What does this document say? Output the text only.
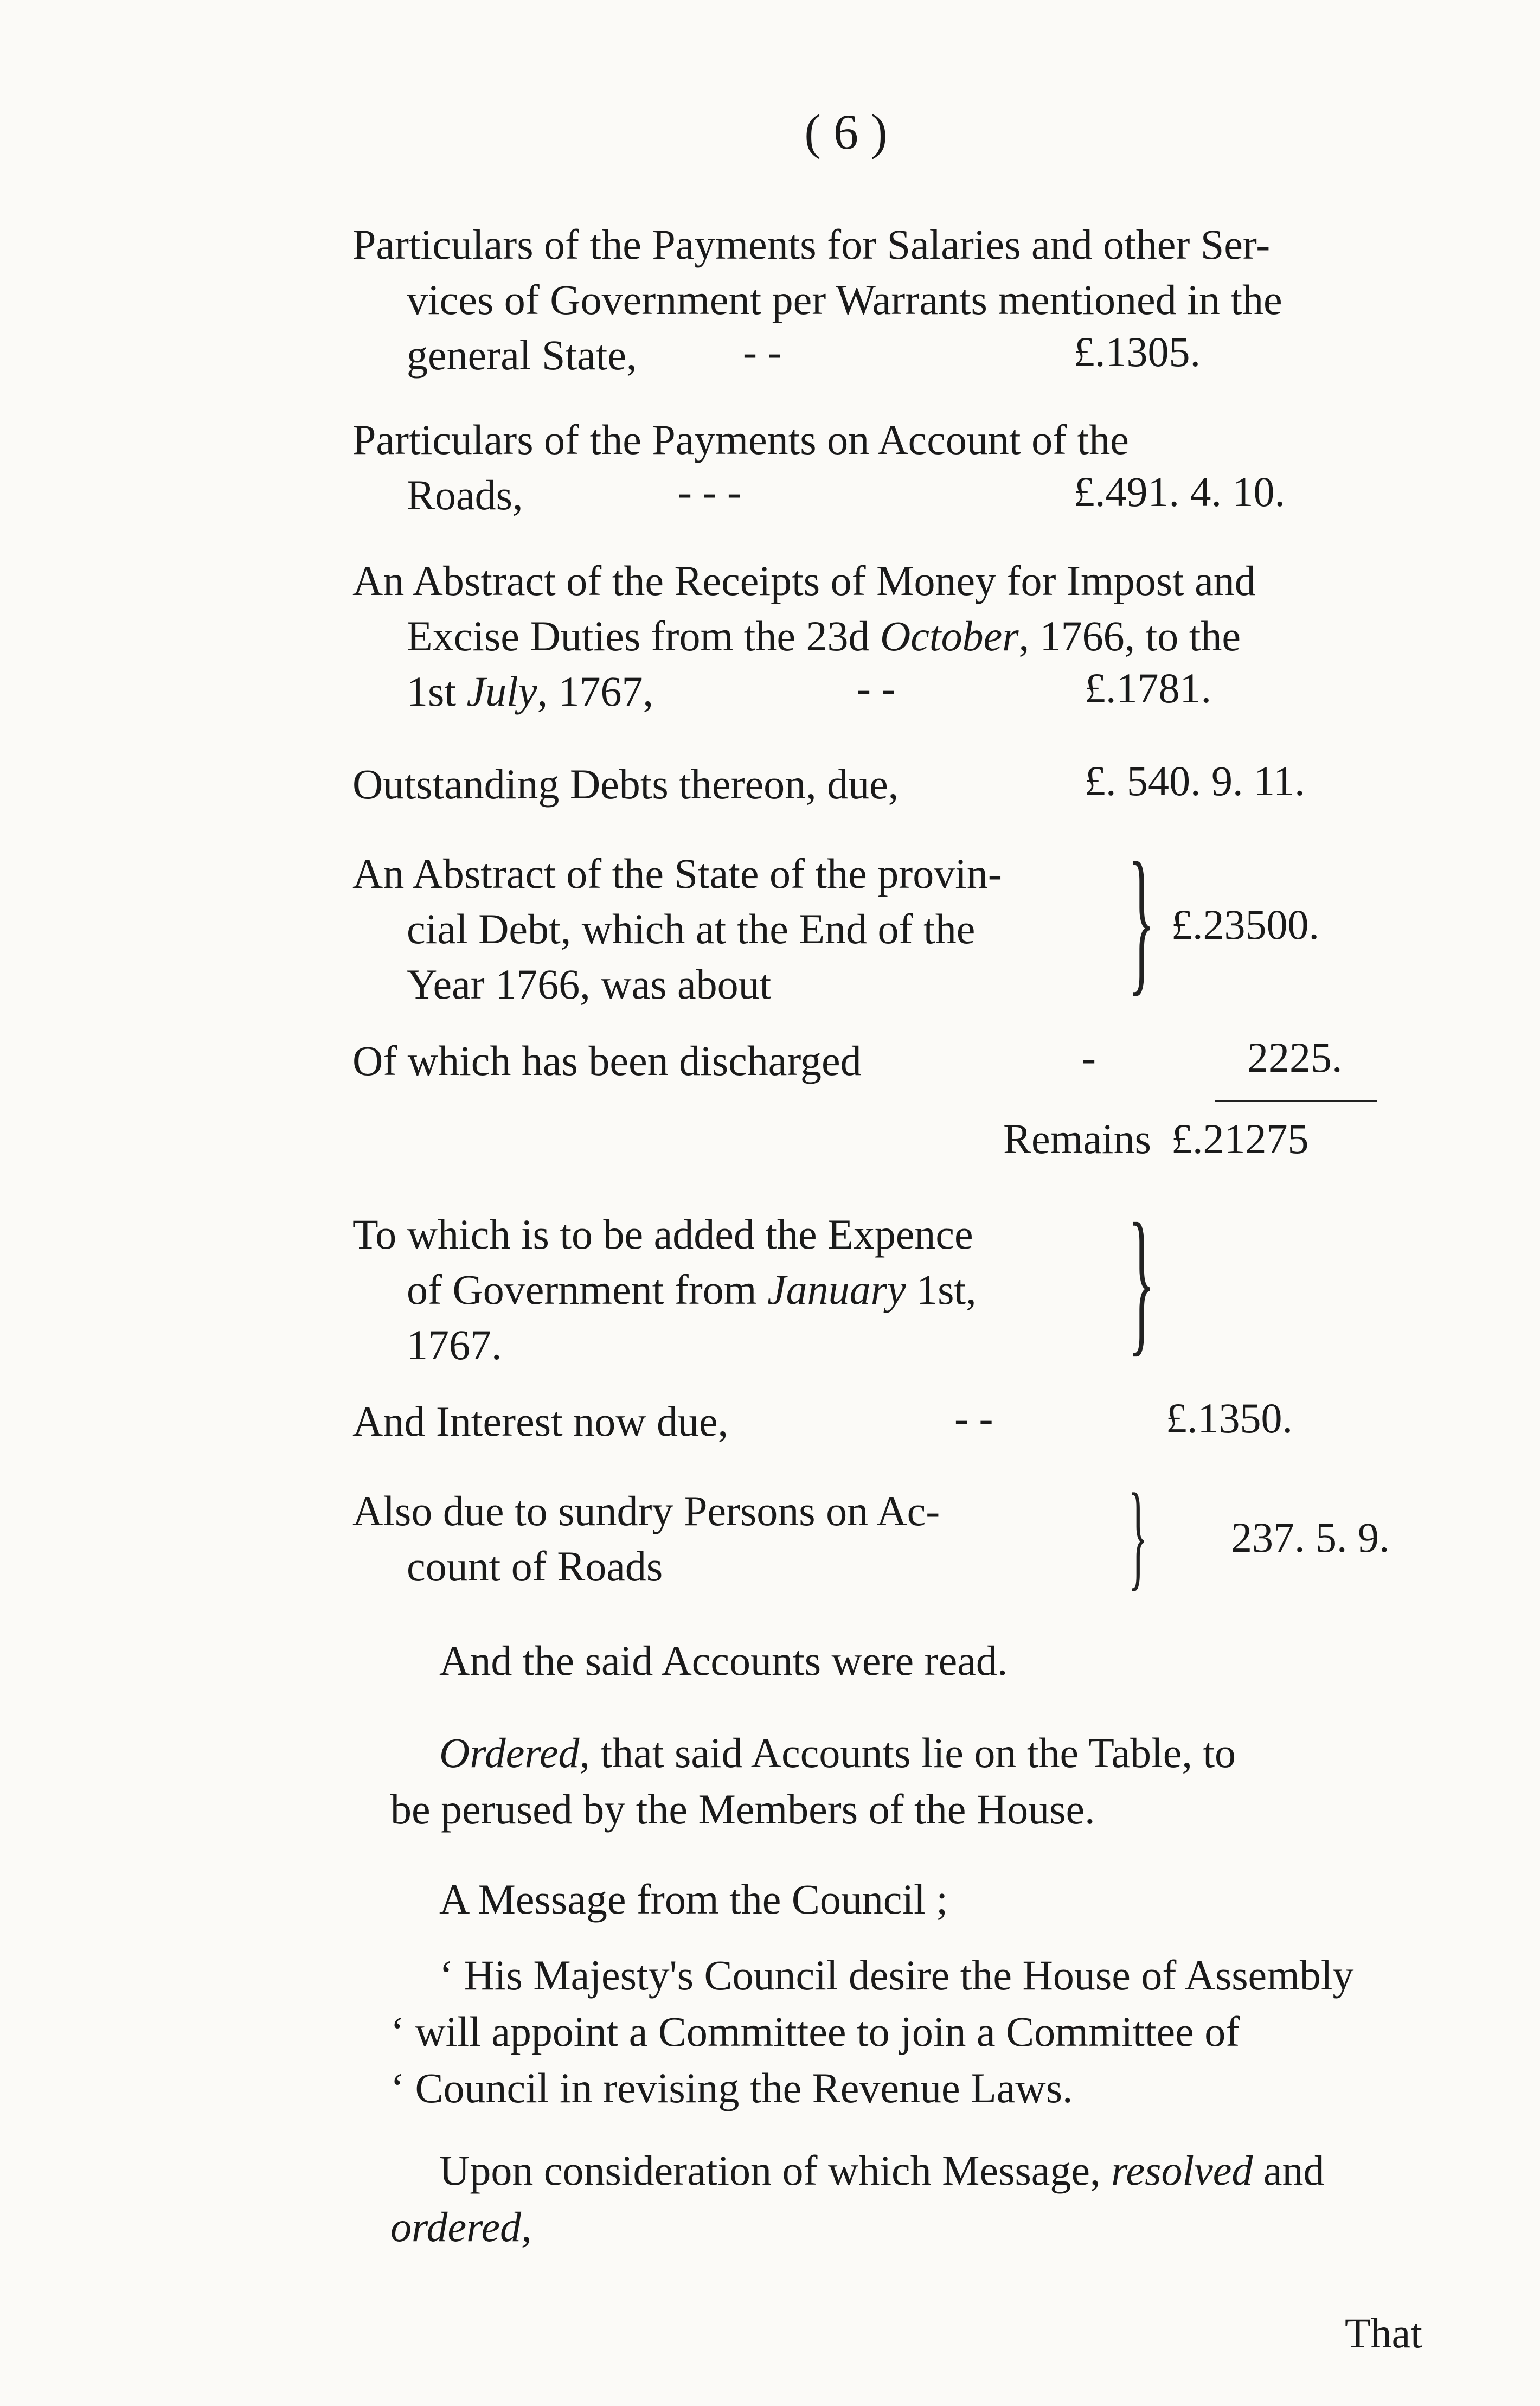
( 6 )
Particulars of the Payments for Salaries and other Ser-
vices of Government per Warrants mentioned in the
general State,	- -	£.1305.
Particulars of the Payments on Account of the
Roads,	- - -	£.491. 4. 10.
An Abstract of the Receipts of Money for Impost and
Excise Duties from the 23d October, 1766, to the
1st July, 1767,	- -	£.1781.
Outstanding Debts thereon, due,	£. 540. 9. 11.
An Abstract of the State of the provin-
cial Debt, which at the End of the
Year 1766, was about	} £.23500.
Of which has been discharged	-	2225.
Remains £.21275
To which is to be added the Expence
of Government from January 1st,
1767.	}
And Interest now due,	- -	£.1350.
Also due to sundry Persons on Ac-
count of Roads	} 237. 5. 9.
And the said Accounts were read.
Ordered, that said Accounts lie on the Table, to
be perused by the Members of the House.
A Message from the Council ;
‘ His Majesty's Council desire the House of Assembly
‘ will appoint a Committee to join a Committee of
‘ Council in revising the Revenue Laws.
Upon consideration of which Message, resolved and
ordered,
That
